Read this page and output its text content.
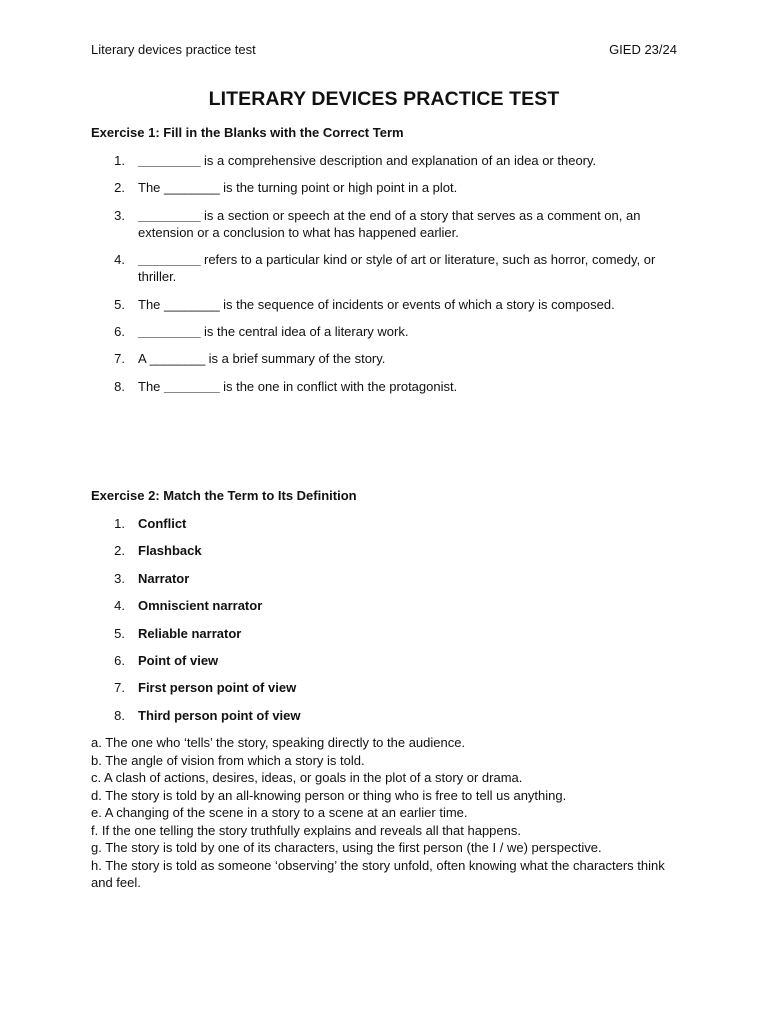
Literary devices practice test	GIED 23/24
LITERARY DEVICES PRACTICE TEST
Exercise 1: Fill in the Blanks with the Correct Term
1. _________ is a comprehensive description and explanation of an idea or theory.
2. The ________ is the turning point or high point in a plot.
3. _________ is a section or speech at the end of a story that serves as a comment on, an extension or a conclusion to what has happened earlier.
4. _________ refers to a particular kind or style of art or literature, such as horror, comedy, or thriller.
5. The ________ is the sequence of incidents or events of which a story is composed.
6. _________ is the central idea of a literary work.
7. A ________ is a brief summary of the story.
8. The ________ is the one in conflict with the protagonist.
Exercise 2: Match the Term to Its Definition
1. Conflict
2. Flashback
3. Narrator
4. Omniscient narrator
5. Reliable narrator
6. Point of view
7. First person point of view
8. Third person point of view
a. The one who ‘tells’ the story, speaking directly to the audience.
b. The angle of vision from which a story is told.
c. A clash of actions, desires, ideas, or goals in the plot of a story or drama.
d. The story is told by an all-knowing person or thing who is free to tell us anything.
e. A changing of the scene in a story to a scene at an earlier time.
f. If the one telling the story truthfully explains and reveals all that happens.
g. The story is told by one of its characters, using the first person (the I / we) perspective.
h. The story is told as someone ‘observing’ the story unfold, often knowing what the characters think and feel.
